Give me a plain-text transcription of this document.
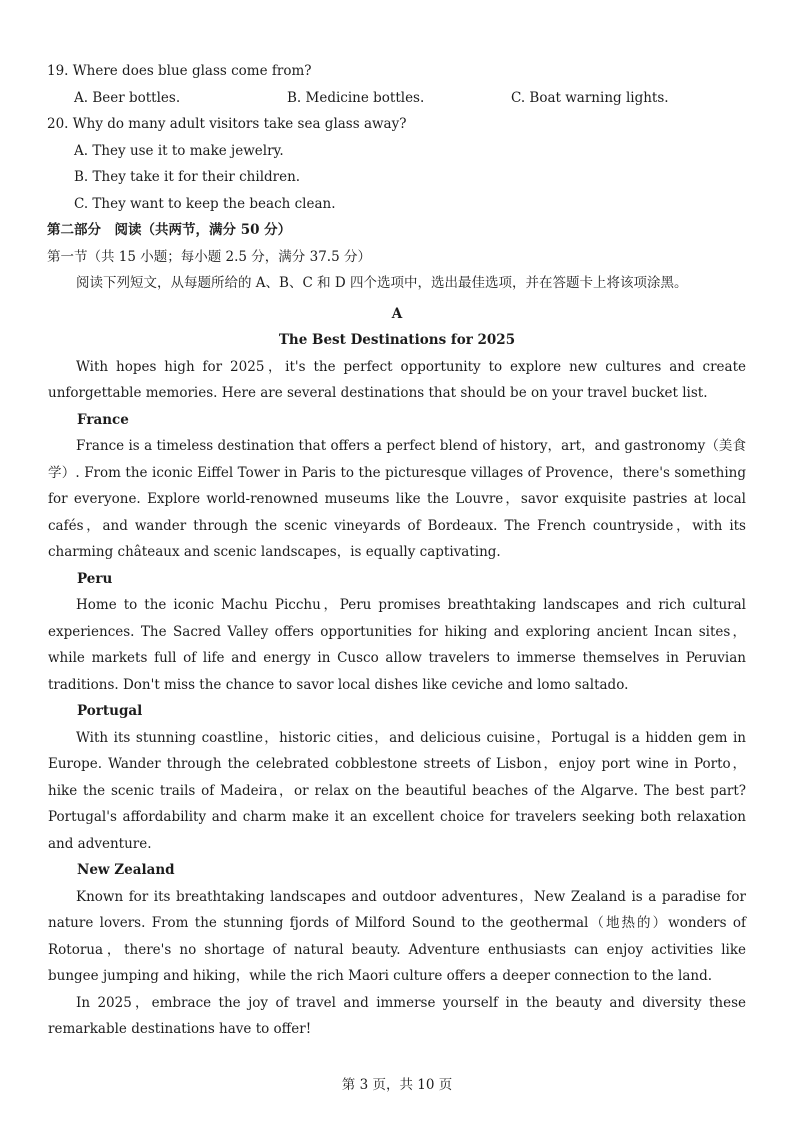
19. Where does blue glass come from?
A. Beer bottles.	B. Medicine bottles.	C. Boat warning lights.
20. Why do many adult visitors take sea glass away?
A. They use it to make jewelry.
B. They take it for their children.
C. They want to keep the beach clean.
第二部分　阅读（共两节，满分 50 分）
第一节（共 15 小题；每小题 2.5 分，满分 37.5 分）
阅读下列短文，从每题所给的 A、B、C 和 D 四个选项中，选出最佳选项，并在答题卡上将该项涂黑。
A
The Best Destinations for 2025
With hopes high for 2025，it's the perfect opportunity to explore new cultures and create unforgettable memories. Here are several destinations that should be on your travel bucket list.
France
France is a timeless destination that offers a perfect blend of history，art，and gastronomy（美食学）. From the iconic Eiffel Tower in Paris to the picturesque villages of Provence，there's something for everyone. Explore world-renowned museums like the Louvre，savor exquisite pastries at local cafés，and wander through the scenic vineyards of Bordeaux. The French countryside，with its charming châteaux and scenic landscapes，is equally captivating.
Peru
Home to the iconic Machu Picchu，Peru promises breathtaking landscapes and rich cultural experiences. The Sacred Valley offers opportunities for hiking and exploring ancient Incan sites，while markets full of life and energy in Cusco allow travelers to immerse themselves in Peruvian traditions. Don't miss the chance to savor local dishes like ceviche and lomo saltado.
Portugal
With its stunning coastline，historic cities，and delicious cuisine，Portugal is a hidden gem in Europe. Wander through the celebrated cobblestone streets of Lisbon，enjoy port wine in Porto，hike the scenic trails of Madeira，or relax on the beautiful beaches of the Algarve. The best part? Portugal's affordability and charm make it an excellent choice for travelers seeking both relaxation and adventure.
New Zealand
Known for its breathtaking landscapes and outdoor adventures，New Zealand is a paradise for nature lovers. From the stunning fjords of Milford Sound to the geothermal（地热的）wonders of Rotorua，there's no shortage of natural beauty. Adventure enthusiasts can enjoy activities like bungee jumping and hiking，while the rich Maori culture offers a deeper connection to the land.
In 2025，embrace the joy of travel and immerse yourself in the beauty and diversity these remarkable destinations have to offer!
第 3 页，共 10 页
